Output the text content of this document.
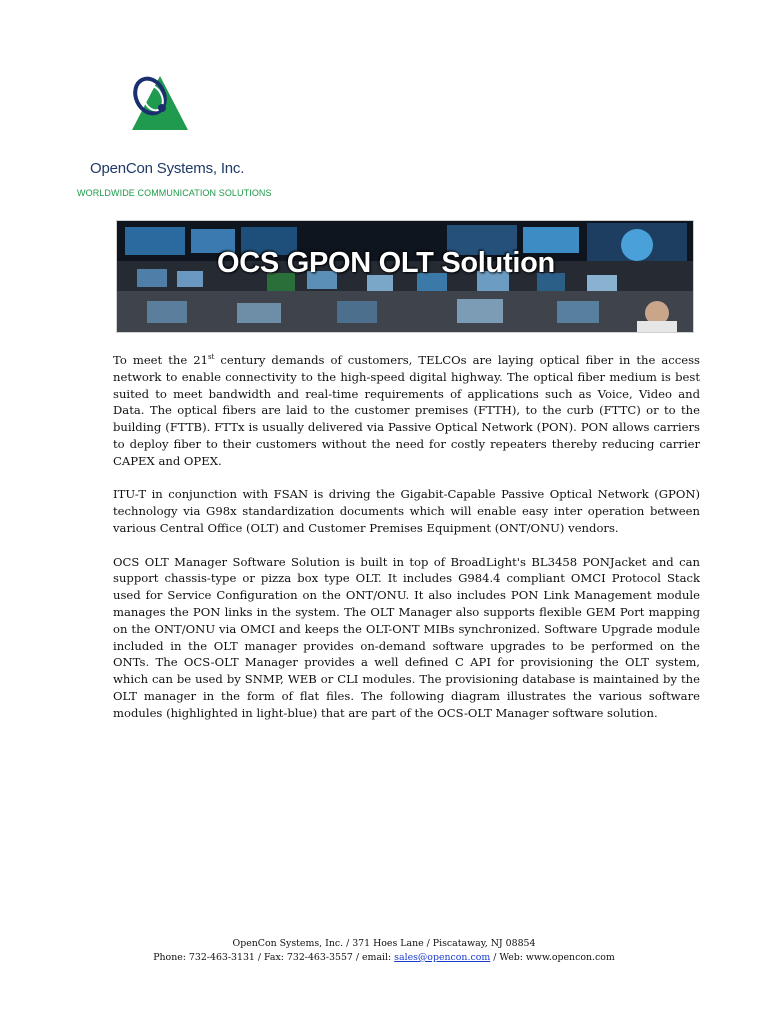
OpenCon Systems, Inc.
WORLDWIDE COMMUNICATION SOLUTIONS
OCS GPON OLT Solution

To meet the 21st century demands of customers, TELCOs are laying optical fiber in the access network to enable connectivity to the high-speed digital highway. The optical fiber medium is best suited to meet bandwidth and real-time requirements of applications such as Voice, Video and Data. The optical fibers are laid to the customer premises (FTTH), to the curb (FTTC) or to the building (FTTB). FTTx is usually delivered via Passive Optical Network (PON). PON allows carriers to deploy fiber to their customers without the need for costly repeaters thereby reducing carrier CAPEX and OPEX.

ITU-T in conjunction with FSAN is driving the Gigabit-Capable Passive Optical Network (GPON) technology via G98x standardization documents which will enable easy inter operation between various Central Office (OLT) and Customer Premises Equipment (ONT/ONU) vendors.

OCS OLT Manager Software Solution is built in top of BroadLight's BL3458 PONJacket and can support chassis-type or pizza box type OLT. It includes G984.4 compliant OMCI Protocol Stack used for Service Configuration on the ONT/ONU. It also includes PON Link Management module manages the PON links in the system. The OLT Manager also supports flexible GEM Port mapping on the ONT/ONU via OMCI and keeps the OLT-ONT MIBs synchronized. Software Upgrade module included in the OLT manager provides on-demand software upgrades to be performed on the ONTs. The OCS-OLT Manager provides a well defined C API for provisioning the OLT system, which can be used by SNMP, WEB or CLI modules. The provisioning database is maintained by the OLT manager in the form of flat files. The following diagram illustrates the various software modules (highlighted in light-blue) that are part of the OCS-OLT Manager software solution.

OpenCon Systems, Inc. / 371 Hoes Lane / Piscataway, NJ 08854
Phone: 732-463-3131 / Fax: 732-463-3557 / email: sales@opencon.com / Web: www.opencon.com
